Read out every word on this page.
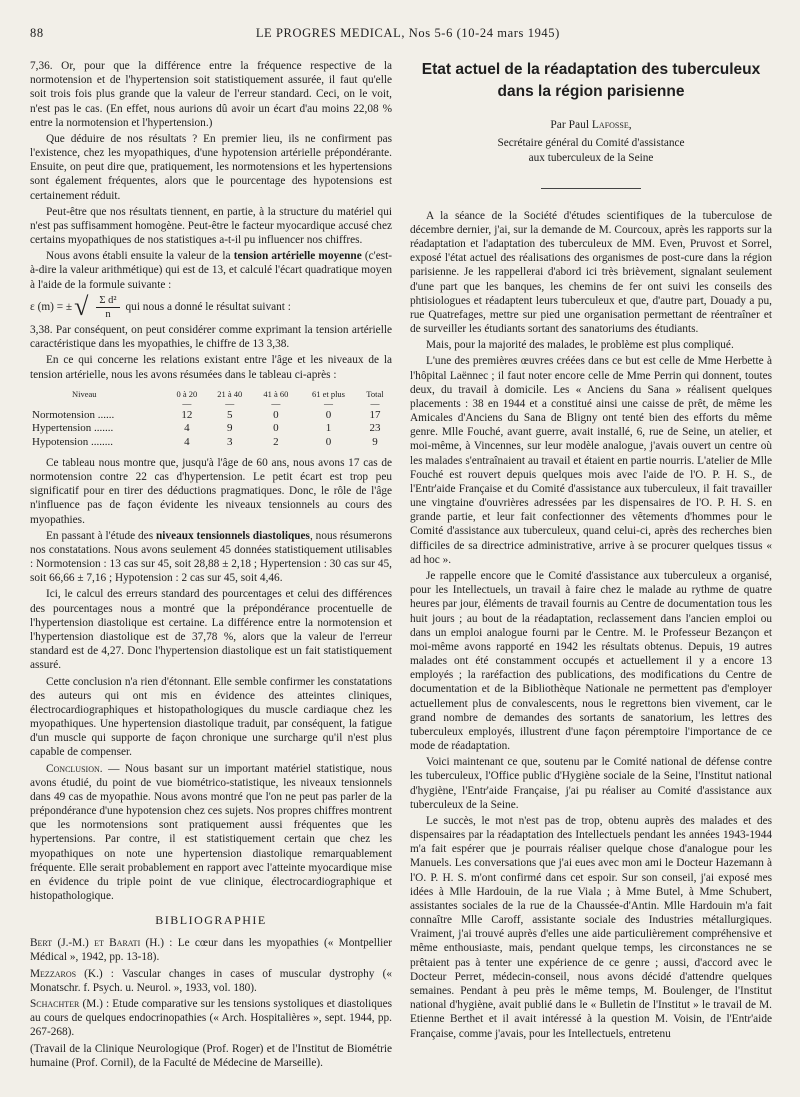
88	LE PROGRES MEDICAL, Nos 5-6 (10-24 mars 1945)

7,36. Or, pour que la différence entre la fréquence respective de la normotension et de l'hypertension soit statistiquement assurée, il faut qu'elle soit trois fois plus grande que la valeur de l'erreur standard. Ceci, on le voit, n'est pas le cas. (En effet, nous aurions dû avoir un écart d'au moins 22,08 % entre la normotension et l'hypertension.)

Que déduire de nos résultats ? En premier lieu, ils ne confirment pas l'existence, chez les myopathiques, d'une hypotension artérielle prépondérante. Ensuite, on peut dire que, pratiquement, les normotensions et les hypertensions sont également fréquentes, alors que le pourcentage des hypotensions est certainement réduit.

Peut-être que nos résultats tiennent, en partie, à la structure du matériel qui n'est pas suffisamment homogène. Peut-être le facteur myocardique accusé chez certains myopathiques de nos statistiques a-t-il pu influencer nos chiffres.

Nous avons établi ensuite la valeur de la tension artérielle moyenne (c'est-à-dire la valeur arithmétique) qui est de 13, et calculé l'écart quadratique moyen à l'aide de la formule suivante :

ε (m) = ± √ $\frac{\text{Σ d²}}{n}$ qui nous a donné le résultat suivant :

3,38. Par conséquent, on peut considérer comme exprimant la tension artérielle caractéristique dans les myopathies, le chiffre de 13 3,38.

En ce qui concerne les relations existant entre l'âge et les niveaux de la tension artérielle, nous les avons résumées dans le tableau ci-après :

Niveau	0 à 20	21 à 40	41 à 60	61 et plus	Total
	—	—	—	—	—
Normotension ......	12	5	0	0	17
Hypertension .......	4	9	0	1	23
Hypotension ........	4	3	2	0	9

Ce tableau nous montre que, jusqu'à l'âge de 60 ans, nous avons 17 cas de normotension contre 22 cas d'hypertension. Le petit écart est trop peu significatif pour en tirer des déductions pragmatiques. Donc, le rôle de l'âge n'influence pas de façon évidente les niveaux tensionnels au cours des myopathies.

En passant à l'étude des niveaux tensionnels diastoliques, nous résumerons nos constatations. Nous avons seulement 45 données statistiquement utilisables : Normotension : 13 cas sur 45, soit 28,88 ± 2,18 ; Hypertension : 30 cas sur 45, soit 66,66 ± 7,16 ; Hypotension : 2 cas sur 45, soit 4,46.

Ici, le calcul des erreurs standard des pourcentages et celui des différences des pourcentages nous a montré que la prépondérance procentuelle de l'hypertension diastolique est certaine. La différence entre la normotension et l'hypertension diastolique est de 37,78 %, alors que la valeur de l'erreur standard est de 4,27. Donc l'hypertension diastolique est un fait statistiquement assuré.

Cette conclusion n'a rien d'étonnant. Elle semble confirmer les constatations des auteurs qui ont mis en évidence des atteintes cliniques, électrocardiographiques et histopathologiques du muscle cardiaque chez les myopathiques. Une hypertension diastolique traduit, par conséquent, la fatigue d'un muscle qui supporte de façon chronique une surcharge qu'il n'est plus capable de compenser.

Conclusion. — Nous basant sur un important matériel statistique, nous avons étudié, du point de vue biométrico-statistique, les niveaux tensionnels dans 49 cas de myopathie. Nous avons montré que l'on ne peut pas parler de la prépondérance d'une hypotension chez ces sujets. Nos propres chiffres montrent que les normotensions sont pratiquement aussi fréquentes que les hypertensions. Par contre, il est statistiquement certain que chez les myopathiques on note une hypertension diastolique remarquablement fréquente. Elle serait probablement en rapport avec l'atteinte myocardique mise en évidence du triple point de vue clinique, électrocardiographique et histopathologique.

BIBLIOGRAPHIE

Bert (J.-M.) et Barati (H.) : Le cœur dans les myopathies (« Montpellier Médical », 1942, pp. 13-18).

Mezzaros (K.) : Vascular changes in cases of muscular dystrophy (« Monatschr. f. Psych. u. Neurol. », 1933, vol. 180).

Schachter (M.) : Etude comparative sur les tensions systoliques et diastoliques au cours de quelques endocrinopathies (« Arch. Hospitalières », sept. 1944, pp. 267-268).

(Travail de la Clinique Neurologique (Prof. Roger) et de l'Institut de Biométrie humaine (Prof. Cornil), de la Faculté de Médecine de Marseille).

Etat actuel de la réadaptation des tuberculeux
dans la région parisienne
Par Paul Lafosse,
Secrétaire général du Comité d'assistance
aux tuberculeux de la Seine

A la séance de la Société d'études scientifiques de la tuberculose de décembre dernier, j'ai, sur la demande de M. Courcoux, après les rapports sur la réadaptation et l'adaptation des tuberculeux de MM. Even, Pruvost et Sorrel, exposé l'état actuel des réalisations des organismes de post-cure dans la région parisienne. Je les rappellerai d'abord ici très brièvement, signalant seulement d'une part que les banques, les chemins de fer ont suivi les conseils des phtisiologues et réadaptent leurs tuberculeux et que, d'autre part, Douady a pu, rue Quatrefages, mettre sur pied une organisation permettant de réentraîner et de surveiller les étudiants sortant des sanatoriums des étudiants.

Mais, pour la majorité des malades, le problème est plus compliqué.

L'une des premières œuvres créées dans ce but est celle de Mme Herbette à l'hôpital Laënnec ; il faut noter encore celle de Mme Perrin qui donnent, toutes deux, du travail à domicile. Les « Anciens du Sana » réalisent quelques placements : 38 en 1944 et a constitué ainsi une caisse de prêt, de même les Amicales d'Anciens du Sana de Bligny ont tenté bien des efforts du même genre. Mlle Fouché, avant guerre, avait installé, 6, rue de Seine, un atelier, et moi-même, à Vincennes, sur leur modèle analogue, j'avais ouvert un centre où les malades s'entraînaient au travail et étaient en partie nourris. L'atelier de Mlle Fouché est rouvert depuis quelques mois avec l'aide de l'O. P. H. S., de l'Entr'aide Française et du Comité d'assistance aux tuberculeux, il fait travailler une vingtaine d'ouvrières adressées par les dispensaires de l'O. P. H. S. en grande partie, et leur fait confectionner des vêtements d'hommes pour le Comité d'assistance aux tuberculeux, quand celui-ci, après des recherches bien difficiles de sa directrice administrative, arrive à se procurer quelques tissus « ad hoc ».

Je rappelle encore que le Comité d'assistance aux tuberculeux a organisé, pour les Intellectuels, un travail à faire chez le malade au rythme de quatre heures par jour, éléments de travail fournis au Centre de documentation tous les huit jours ; au bout de la réadaptation, reclassement dans l'ancien emploi ou dans un emploi analogue fourni par le Centre. M. le Professeur Bezançon et moi-même avons rapporté en 1942 les résultats obtenus. Depuis, 19 autres malades ont été constamment occupés et actuellement il y a encore 13 employés ; la raréfaction des publications, des modifications du Centre de documentation et de la Bibliothèque Nationale ne permettent pas d'employer actuellement plus de convalescents, nous le regrettons bien vivement, car le grand nombre de demandes des sortants de sanatorium, les lettres des tuberculeux employés, illustrent d'une façon péremptoire l'importance de ce mode de réadaptation.

Voici maintenant ce que, soutenu par le Comité national de défense contre les tuberculeux, l'Office public d'Hygiène sociale de la Seine, l'Institut national d'hygiène, l'Entr'aide Française, j'ai pu réaliser au Comité d'assistance aux tuberculeux de la Seine.

Le succès, le mot n'est pas de trop, obtenu auprès des malades et des dispensaires par la réadaptation des Intellectuels pendant les années 1943-1944 m'a fait espérer que je pourrais réaliser quelque chose d'analogue pour les Manuels. Les conversations que j'ai eues avec mon ami le Docteur Hazemann à l'O. P. H. S. m'ont confirmé dans cet espoir. Sur son conseil, j'ai exposé mes idées à Mlle Hardouin, de la rue Viala ; à Mme Butel, à Mme Schubert, assistantes sociales de la rue de la Chaussée-d'Antin. Mlle Hardouin m'a fait connaître Mlle Caroff, assistante sociale des Industries métallurgiques. Vraiment, j'ai trouvé auprès d'elles une aide particulièrement compréhensive et même enthousiaste, mais, pendant quelque temps, les circonstances ne se prêtaient pas à tenter une expérience de ce genre ; aussi, d'accord avec le Docteur Perret, médecin-conseil, nous avons décidé d'attendre quelques semaines. Pendant à peu près le même temps, M. Boulenger, de l'Institut national d'hygiène, avait publié dans le « Bulletin de l'Institut » le travail de M. Etienne Berthet et il avait intéressé à la question M. Voisin, de l'Entr'aide Française, comme j'avais, pour les Intellectuels, entretenu
